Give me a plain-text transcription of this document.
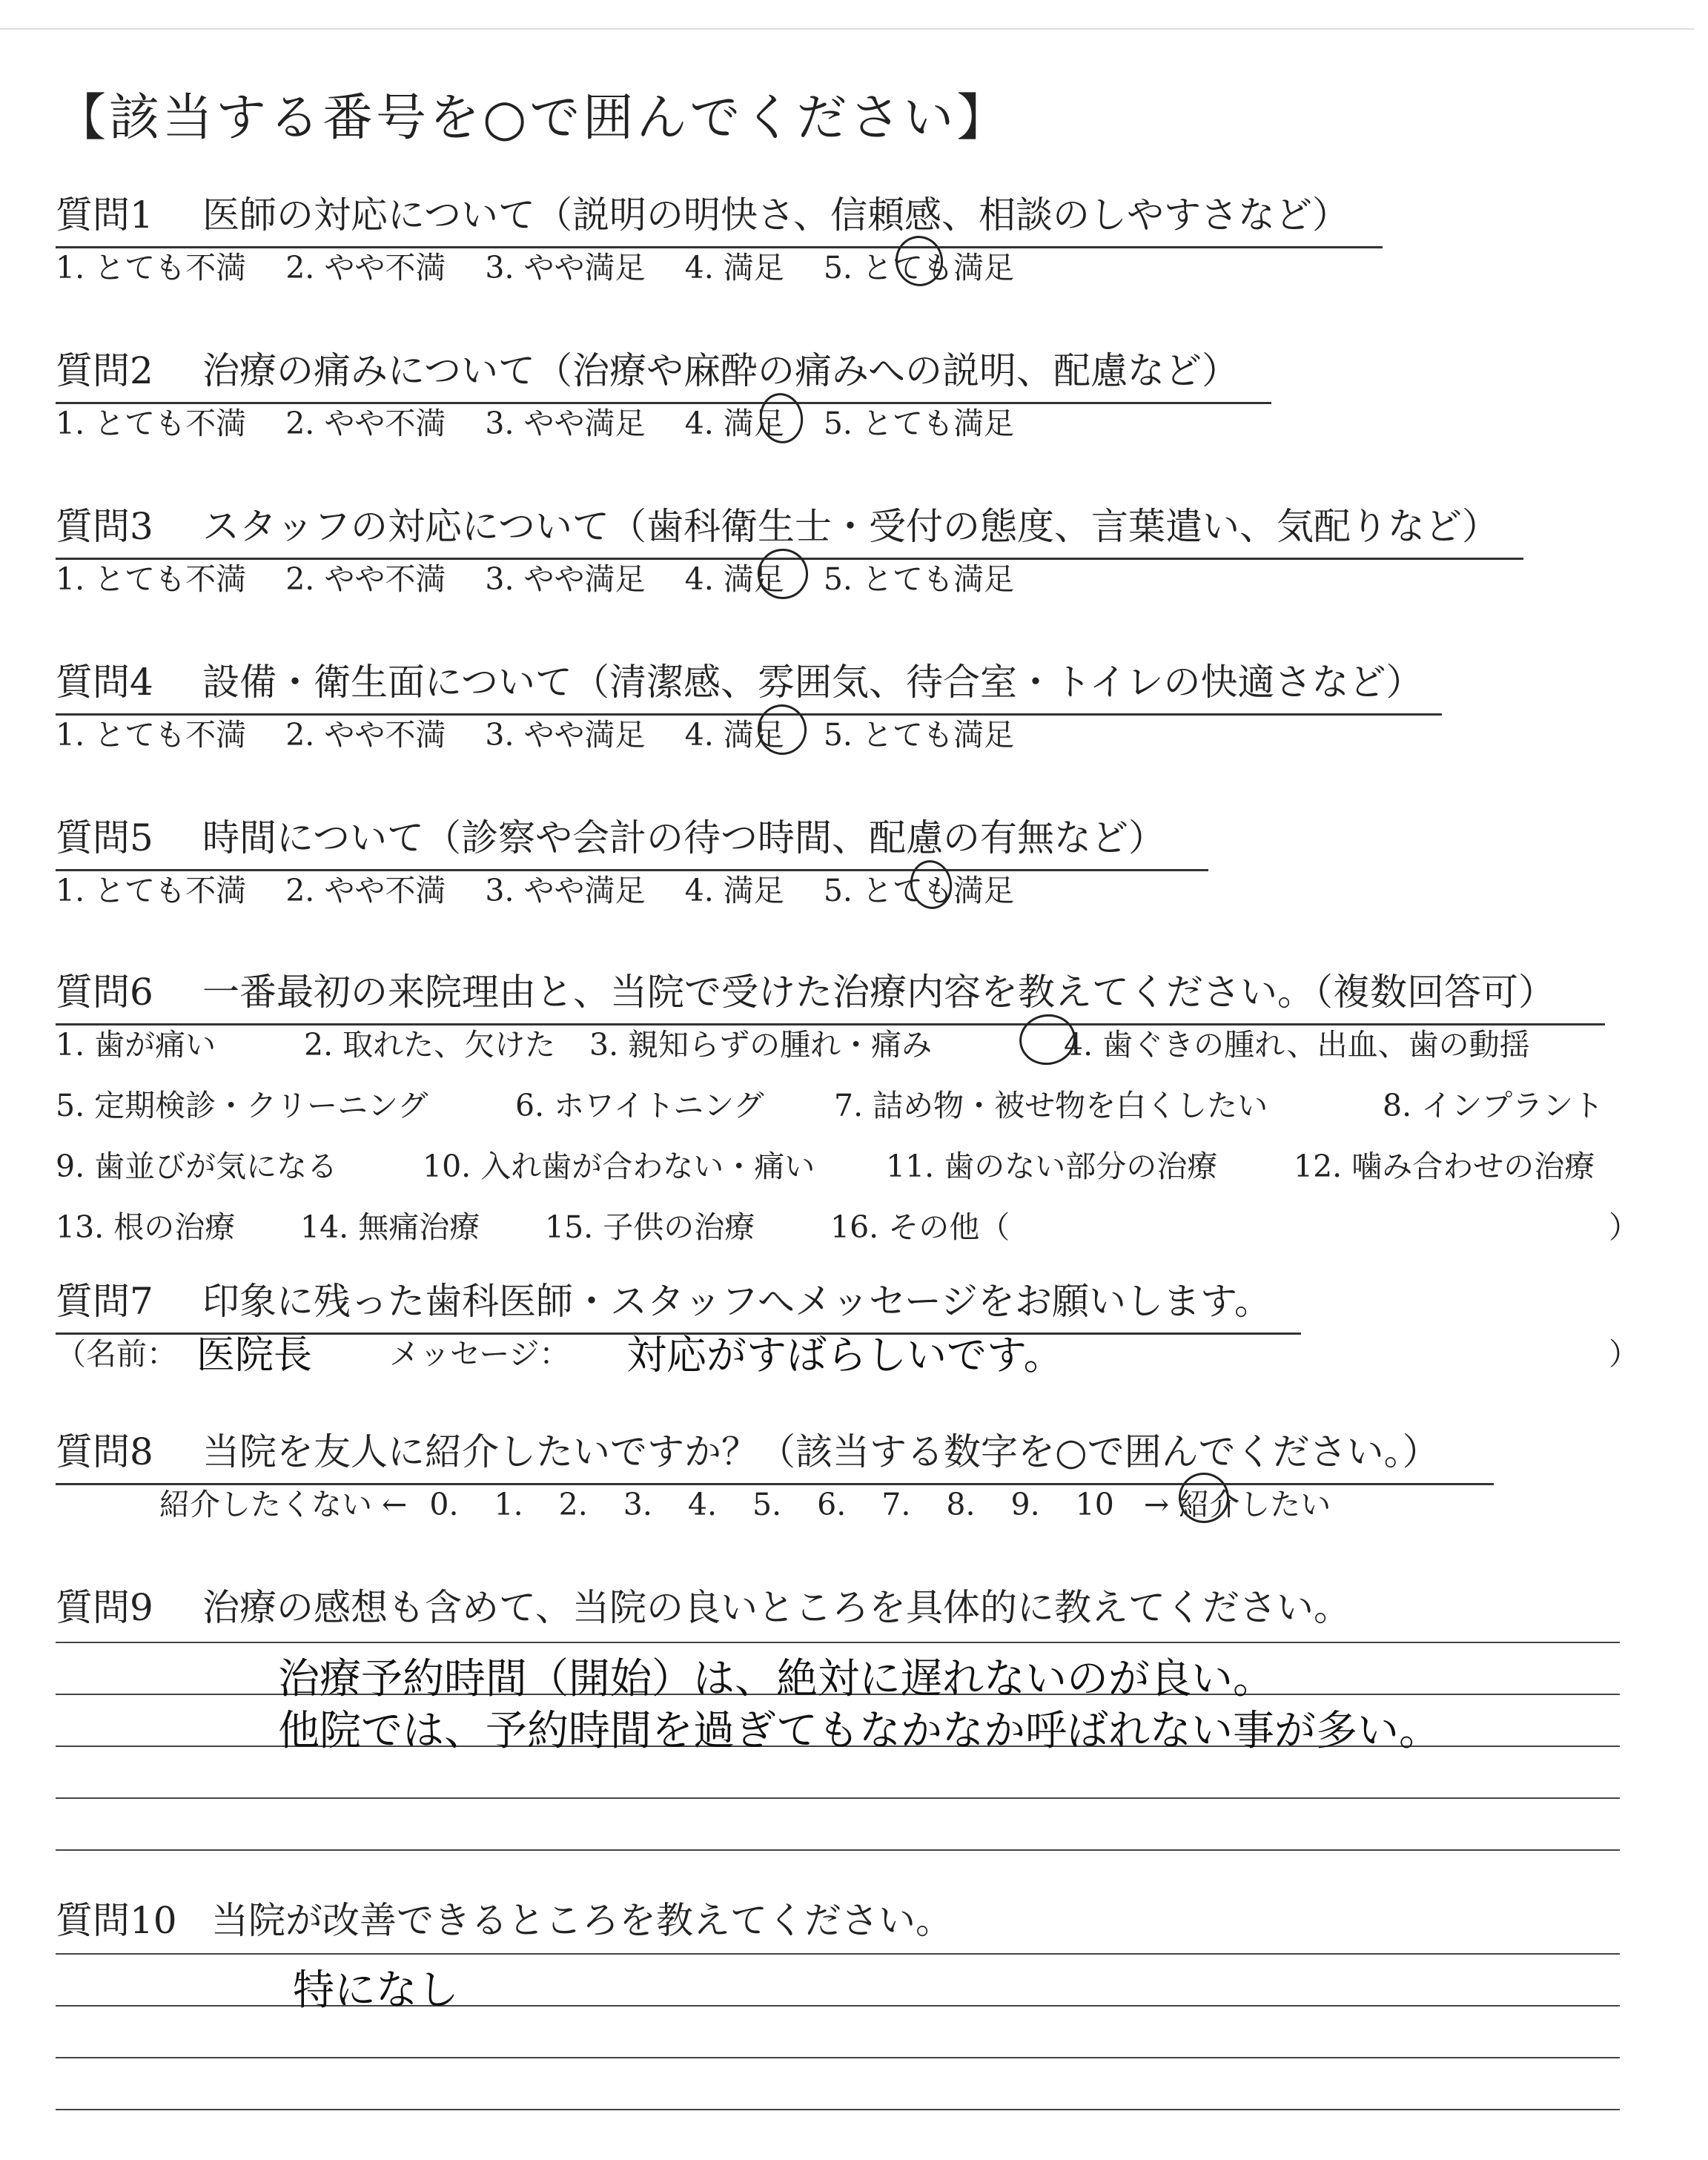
【該当する番号を○で囲んでください】
質問1 医師の対応について（説明の明快さ、信頼感、相談のしやすさなど）
1. とても不満 2. やや不満 3. やや満足 4. 満足 5. とても満足
質問2 治療の痛みについて（治療や麻酔の痛みへの説明、配慮など）
1. とても不満 2. やや不満 3. やや満足 4. 満足 5. とても満足
質問3 スタッフの対応について（歯科衛生士・受付の態度、言葉遣い、気配りなど）
1. とても不満 2. やや不満 3. やや満足 4. 満足 5. とても満足
質問4 設備・衛生面について（清潔感、雰囲気、待合室・トイレの快適さなど）
1. とても不満 2. やや不満 3. やや満足 4. 満足 5. とても満足
質問5 時間について（診察や会計の待つ時間、配慮の有無など）
1. とても不満 2. やや不満 3. やや満足 4. 満足 5. とても満足
質問6 一番最初の来院理由と、当院で受けた治療内容を教えてください。（複数回答可）
1. 歯が痛い	2. 取れた、欠けた 3. 親知らずの腫れ・痛み	4. 歯ぐきの腫れ、出血、歯の動揺
5. 定期検診・クリーニング	6. ホワイトニング 7. 詰め物・被せ物を白くしたい	8. インプラント
9. 歯並びが気になる	10. 入れ歯が合わない・痛い 11. 歯のない部分の治療	12. 噛み合わせの治療
13. 根の治療 14. 無痛治療 15. 子供の治療 16. その他（	）
質問7 印象に残った歯科医師・スタッフへメッセージをお願いします。
（名前： 医院長	メッセージ： 対応がすばらしいです。	）
質問8 当院を友人に紹介したいですか？（該当する数字を○で囲んでください。）
紹介したくない ← 0. 1. 2. 3. 4. 5. 6. 7. 8. 9. 10 → 紹介したい
質問9 治療の感想も含めて、当院の良いところを具体的に教えてください。
治療予約時間（開始）は、絶対に遅れないのが良い。
他院では、予約時間を過ぎてもなかなか呼ばれない事が多い。
質問10 当院が改善できるところを教えてください。
特になし
